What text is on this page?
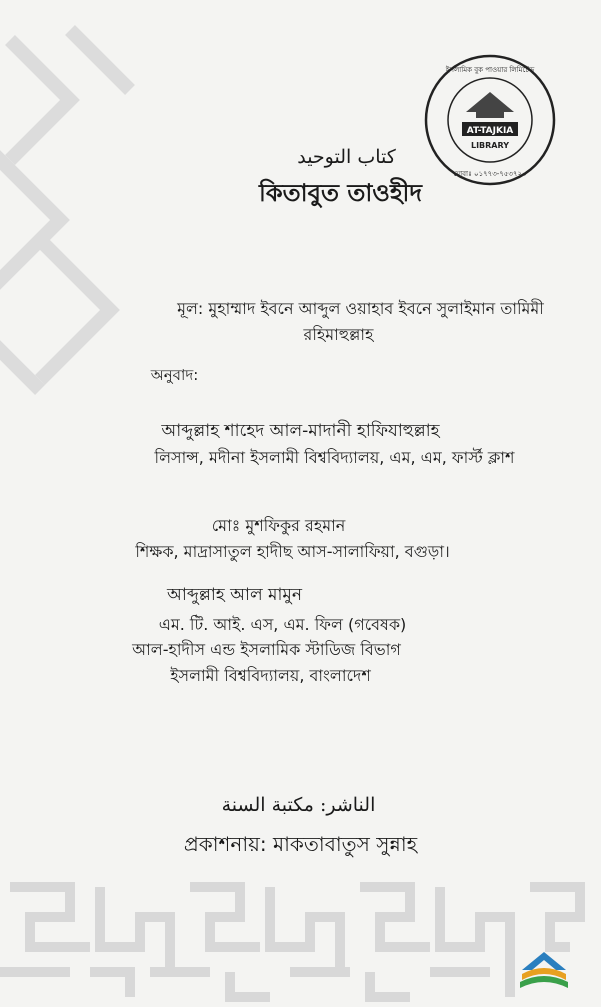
AT-TAJKIA
LIBRARY
ইসলামিক বুক পাওয়ার লিমিটেড
মোবাঃ ০১৭৭৩-৭৫৩৭২০
كتاب التوحيد
কিতাবুত তাওহীদ
মূল: মুহাম্মাদ ইবনে আব্দুল ওয়াহাব ইবনে সুলাইমান তামিমী
রহিমাহুল্লাহ
অনুবাদ:
আব্দুল্লাহ শাহেদ আল-মাদানী হাফিযাহুল্লাহ
লিসান্স, মদীনা ইসলামী বিশ্ববিদ্যালয়, এম, এম, ফার্স্ট ক্লাশ
মোঃ মুশফিকুর রহমান
শিক্ষক, মাদ্রাসাতুল হাদীছ আস-সালাফিয়া, বগুড়া।
আব্দুল্লাহ আল মামুন
এম. টি. আই. এস, এম. ফিল (গবেষক)
আল-হাদীস এন্ড ইসলামিক স্টাডিজ বিভাগ
ইসলামী বিশ্ববিদ্যালয়, বাংলাদেশ
الناشر: مكتبة السنة
প্রকাশনায়: মাকতাবাতুস সুন্নাহ
